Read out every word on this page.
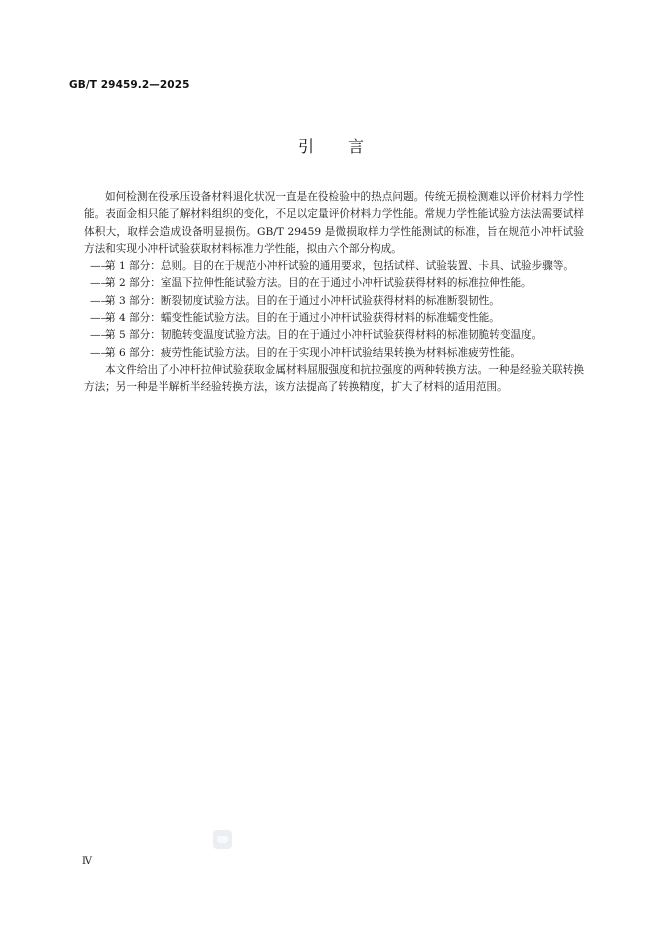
GB/T 29459.2—2025
引言

如何检测在役承压设备材料退化状况一直是在役检验中的热点问题。传统无损检测难以评价材料力学性能。表面金相只能了解材料组织的变化，不足以定量评价材料力学性能。常规力学性能试验方法法需要试样体积大，取样会造成设备明显损伤。GB/T 29459 是微损取样力学性能测试的标准，旨在规范小冲杆试验方法和实现小冲杆试验获取材料标准力学性能，拟由六个部分构成。

——
第 1 部分：总则。目的在于规范小冲杆试验的通用要求，包括试样、试验装置、卡具、试验步骤等。

——
第 2 部分：室温下拉伸性能试验方法。目的在于通过小冲杆试验获得材料的标准拉伸性能。

——
第 3 部分：断裂韧度试验方法。目的在于通过小冲杆试验获得材料的标准断裂韧性。

——
第 4 部分：蠕变性能试验方法。目的在于通过小冲杆试验获得材料的标准蠕变性能。

——
第 5 部分：韧脆转变温度试验方法。目的在于通过小冲杆试验获得材料的标准韧脆转变温度。

——
第 6 部分：疲劳性能试验方法。目的在于实现小冲杆试验结果转换为材料标准疲劳性能。

本文件给出了小冲杆拉伸试验获取金属材料屈服强度和抗拉强度的两种转换方法。一种是经验关联转换方法；另一种是半解析半经验转换方法，该方法提高了转换精度，扩大了材料的适用范围。

Ⅳ
